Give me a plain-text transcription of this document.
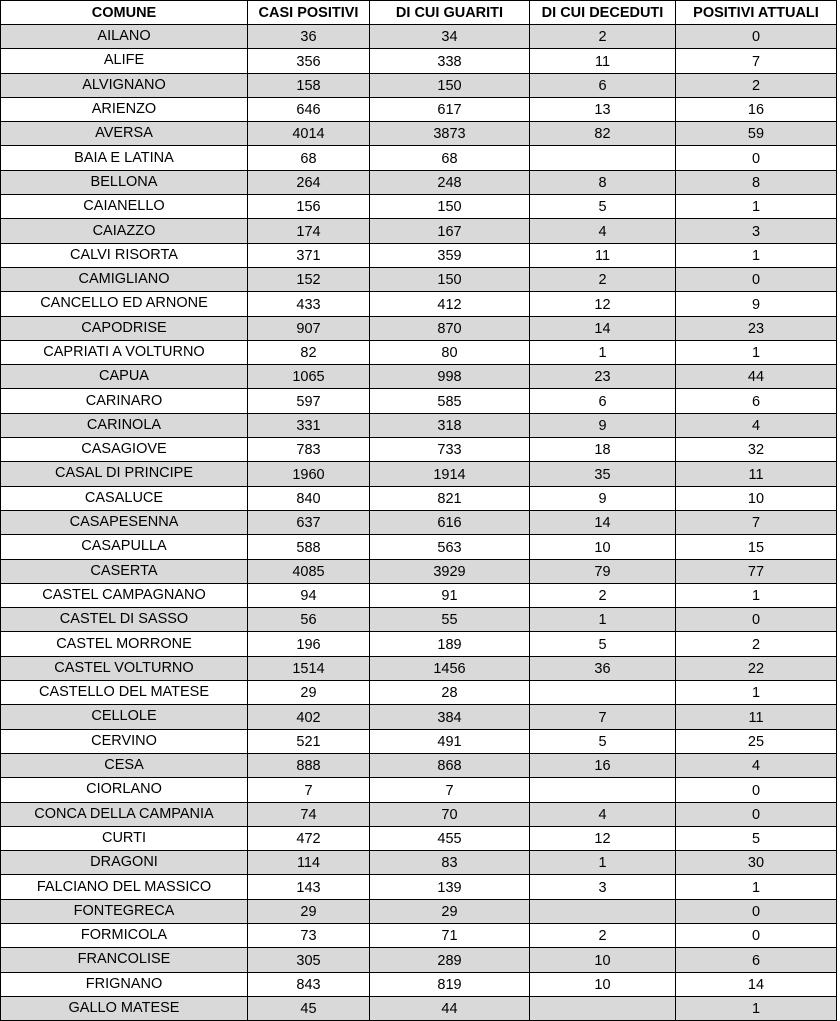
COMUNE	CASI POSITIVI	DI CUI GUARITI	DI CUI DECEDUTI	POSITIVI ATTUALI
AILANO	36	34	2	0
ALIFE	356	338	11	7
ALVIGNANO	158	150	6	2
ARIENZO	646	617	13	16
AVERSA	4014	3873	82	59
BAIA E LATINA	68	68		0
BELLONA	264	248	8	8
CAIANELLO	156	150	5	1
CAIAZZO	174	167	4	3
CALVI RISORTA	371	359	11	1
CAMIGLIANO	152	150	2	0
CANCELLO ED ARNONE	433	412	12	9
CAPODRISE	907	870	14	23
CAPRIATI A VOLTURNO	82	80	1	1
CAPUA	1065	998	23	44
CARINARO	597	585	6	6
CARINOLA	331	318	9	4
CASAGIOVE	783	733	18	32
CASAL DI PRINCIPE	1960	1914	35	11
CASALUCE	840	821	9	10
CASAPESENNA	637	616	14	7
CASAPULLA	588	563	10	15
CASERTA	4085	3929	79	77
CASTEL CAMPAGNANO	94	91	2	1
CASTEL DI SASSO	56	55	1	0
CASTEL MORRONE	196	189	5	2
CASTEL VOLTURNO	1514	1456	36	22
CASTELLO DEL MATESE	29	28		1
CELLOLE	402	384	7	11
CERVINO	521	491	5	25
CESA	888	868	16	4
CIORLANO	7	7		0
CONCA DELLA CAMPANIA	74	70	4	0
CURTI	472	455	12	5
DRAGONI	114	83	1	30
FALCIANO DEL MASSICO	143	139	3	1
FONTEGRECA	29	29		0
FORMICOLA	73	71	2	0
FRANCOLISE	305	289	10	6
FRIGNANO	843	819	10	14
GALLO MATESE	45	44		1
